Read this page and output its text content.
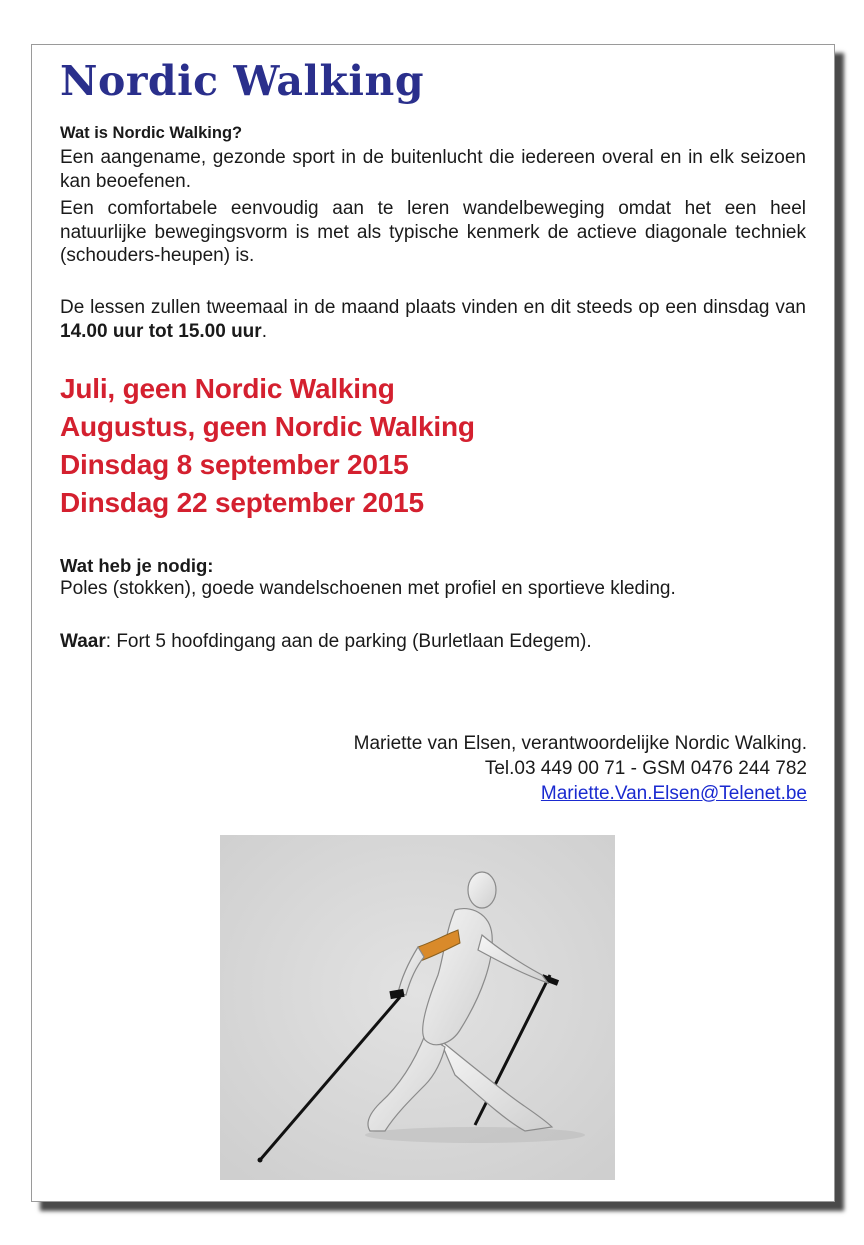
Nordic Walking

Wat is Nordic Walking?

Een aangename, gezonde sport in de buitenlucht die iedereen overal en in elk seizoen kan beoefenen.

Een comfortabele eenvoudig aan te leren wandelbeweging omdat het een heel natuurlijke bewegingsvorm is met als typische kenmerk de actieve diagonale techniek (schouders-heupen) is.

De lessen zullen tweemaal in de maand plaats vinden en dit steeds op een dinsdag van 14.00 uur tot 15.00 uur.

Juli, geen Nordic Walking
Augustus, geen Nordic Walking
Dinsdag 8 september 2015
Dinsdag 22 september 2015

Wat heb je nodig:

Poles (stokken), goede wandelschoenen met profiel en sportieve kleding.

Waar: Fort 5 hoofdingang aan de parking (Burletlaan Edegem).

Mariette van Elsen, verantwoordelijke Nordic Walking.
Tel.03 449 00 71 - GSM 0476 244 782
Mariette.Van.Elsen@Telenet.be
